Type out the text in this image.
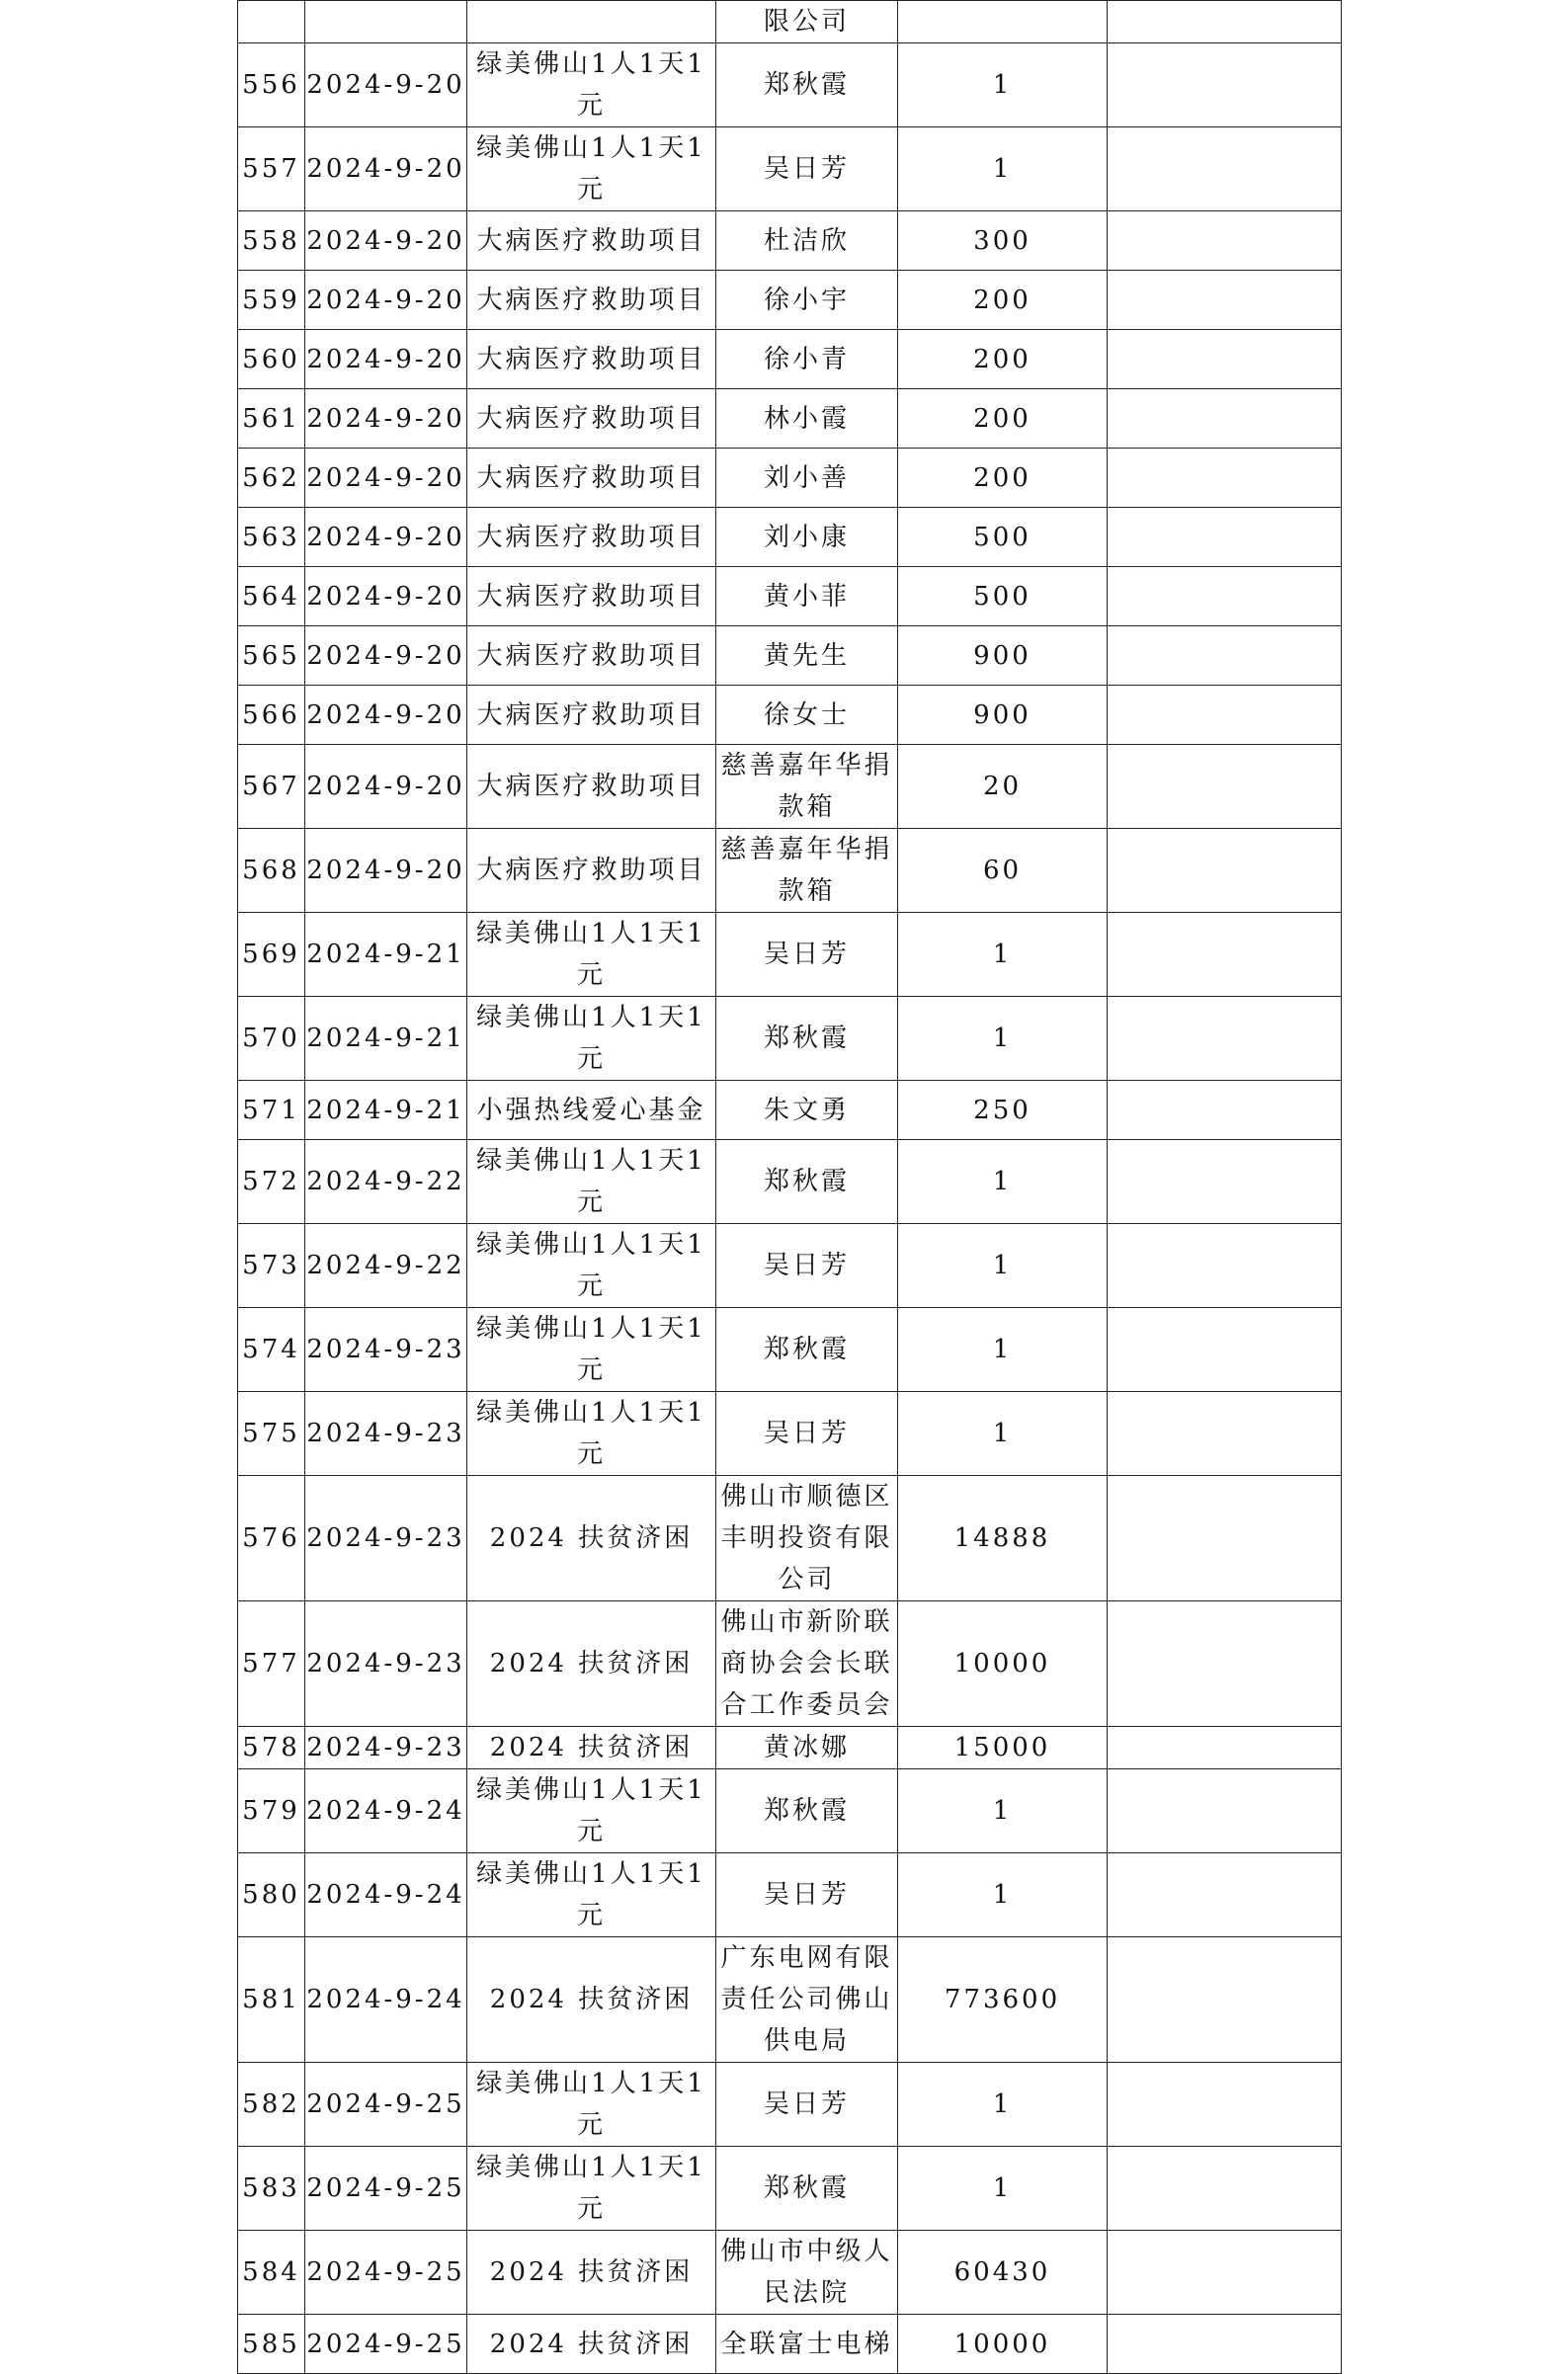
			限公司		
556	2024-9-20	绿美佛山1人1天1元	郑秋霞	1	
557	2024-9-20	绿美佛山1人1天1元	吴日芳	1	
558	2024-9-20	大病医疗救助项目	杜洁欣	300	
559	2024-9-20	大病医疗救助项目	徐小宇	200	
560	2024-9-20	大病医疗救助项目	徐小青	200	
561	2024-9-20	大病医疗救助项目	林小霞	200	
562	2024-9-20	大病医疗救助项目	刘小善	200	
563	2024-9-20	大病医疗救助项目	刘小康	500	
564	2024-9-20	大病医疗救助项目	黄小菲	500	
565	2024-9-20	大病医疗救助项目	黄先生	900	
566	2024-9-20	大病医疗救助项目	徐女士	900	
567	2024-9-20	大病医疗救助项目	慈善嘉年华捐款箱	20	
568	2024-9-20	大病医疗救助项目	慈善嘉年华捐款箱	60	
569	2024-9-21	绿美佛山1人1天1元	吴日芳	1	
570	2024-9-21	绿美佛山1人1天1元	郑秋霞	1	
571	2024-9-21	小强热线爱心基金	朱文勇	250	
572	2024-9-22	绿美佛山1人1天1元	郑秋霞	1	
573	2024-9-22	绿美佛山1人1天1元	吴日芳	1	
574	2024-9-23	绿美佛山1人1天1元	郑秋霞	1	
575	2024-9-23	绿美佛山1人1天1元	吴日芳	1	
576	2024-9-23	2024 扶贫济困	佛山市顺德区丰明投资有限公司	14888	
577	2024-9-23	2024 扶贫济困	佛山市新阶联商协会会长联合工作委员会	10000	
578	2024-9-23	2024 扶贫济困	黄冰娜	15000	
579	2024-9-24	绿美佛山1人1天1元	郑秋霞	1	
580	2024-9-24	绿美佛山1人1天1元	吴日芳	1	
581	2024-9-24	2024 扶贫济困	广东电网有限责任公司佛山供电局	773600	
582	2024-9-25	绿美佛山1人1天1元	吴日芳	1	
583	2024-9-25	绿美佛山1人1天1元	郑秋霞	1	
584	2024-9-25	2024 扶贫济困	佛山市中级人民法院	60430	
585	2024-9-25	2024 扶贫济困	全联富士电梯	10000	
